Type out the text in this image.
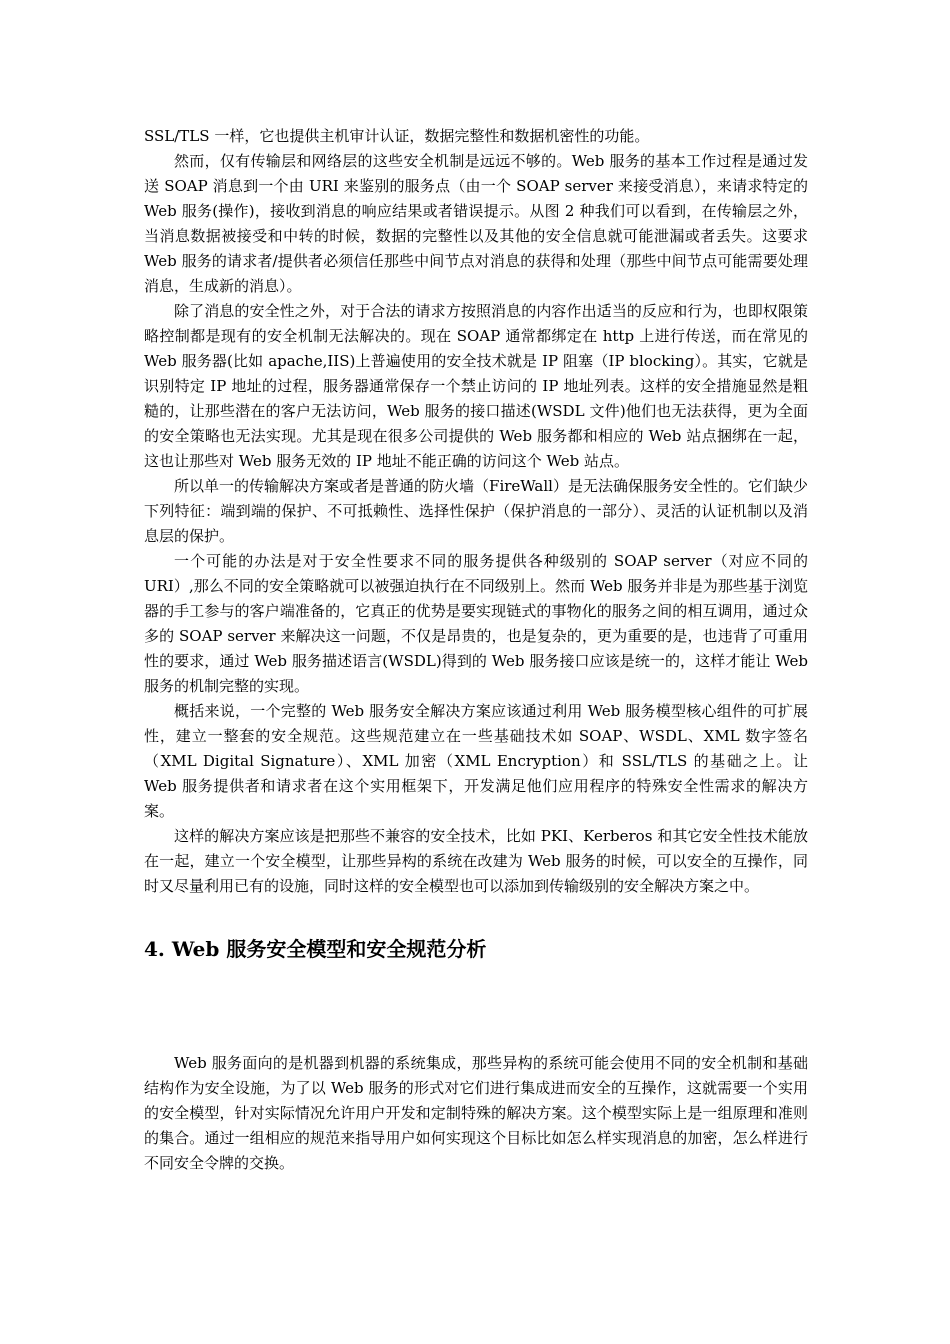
SSL/TLS 一样，它也提供主机审计认证，数据完整性和数据机密性的功能。

然而，仅有传输层和网络层的这些安全机制是远远不够的。Web 服务的基本工作过程是通过发送 SOAP 消息到一个由 URI 来鉴别的服务点（由一个 SOAP server 来接受消息），来请求特定的 Web 服务(操作)，接收到消息的响应结果或者错误提示。从图 2 种我们可以看到，在传输层之外，当消息数据被接受和中转的时候，数据的完整性以及其他的安全信息就可能泄漏或者丢失。这要求 Web 服务的请求者/提供者必须信任那些中间节点对消息的获得和处理（那些中间节点可能需要处理消息，生成新的消息）。

除了消息的安全性之外，对于合法的请求方按照消息的内容作出适当的反应和行为，也即权限策略控制都是现有的安全机制无法解决的。现在 SOAP 通常都绑定在 http 上进行传送，而在常见的 Web 服务器(比如 apache,IIS)上普遍使用的安全技术就是 IP 阻塞（IP blocking）。其实，它就是识别特定 IP 地址的过程，服务器通常保存一个禁止访问的 IP 地址列表。这样的安全措施显然是粗糙的，让那些潜在的客户无法访问，Web 服务的接口描述(WSDL 文件)他们也无法获得，更为全面的安全策略也无法实现。尤其是现在很多公司提供的 Web 服务都和相应的 Web 站点捆绑在一起，这也让那些对 Web 服务无效的 IP 地址不能正确的访问这个 Web 站点。

所以单一的传输解决方案或者是普通的防火墙（FireWall）是无法确保服务安全性的。它们缺少下列特征：端到端的保护、不可抵赖性、选择性保护（保护消息的一部分）、灵活的认证机制以及消息层的保护。

一个可能的办法是对于安全性要求不同的服务提供各种级别的 SOAP server（对应不同的 URI）,那么不同的安全策略就可以被强迫执行在不同级别上。然而 Web 服务并非是为那些基于浏览器的手工参与的客户端准备的，它真正的优势是要实现链式的事物化的服务之间的相互调用，通过众多的 SOAP server 来解决这一问题，不仅是昂贵的，也是复杂的，更为重要的是，也违背了可重用性的要求，通过 Web 服务描述语言(WSDL)得到的 Web 服务接口应该是统一的，这样才能让 Web 服务的机制完整的实现。

概括来说，一个完整的 Web 服务安全解决方案应该通过利用 Web 服务模型核心组件的可扩展性，建立一整套的安全规范。这些规范建立在一些基础技术如 SOAP、WSDL、XML 数字签名（XML Digital Signature）、XML 加密（XML Encryption）和 SSL/TLS 的基础之上。让 Web 服务提供者和请求者在这个实用框架下，开发满足他们应用程序的特殊安全性需求的解决方案。

这样的解决方案应该是把那些不兼容的安全技术，比如 PKI、Kerberos 和其它安全性技术能放在一起，建立一个安全模型，让那些异构的系统在改建为 Web 服务的时候，可以安全的互操作，同时又尽量利用已有的设施，同时这样的安全模型也可以添加到传输级别的安全解决方案之中。

4. Web 服务安全模型和安全规范分析

Web 服务面向的是机器到机器的系统集成，那些异构的系统可能会使用不同的安全机制和基础结构作为安全设施，为了以 Web 服务的形式对它们进行集成进而安全的互操作，这就需要一个实用的安全模型，针对实际情况允许用户开发和定制特殊的解决方案。这个模型实际上是一组原理和准则的集合。通过一组相应的规范来指导用户如何实现这个目标比如怎么样实现消息的加密，怎么样进行不同安全令牌的交换。
